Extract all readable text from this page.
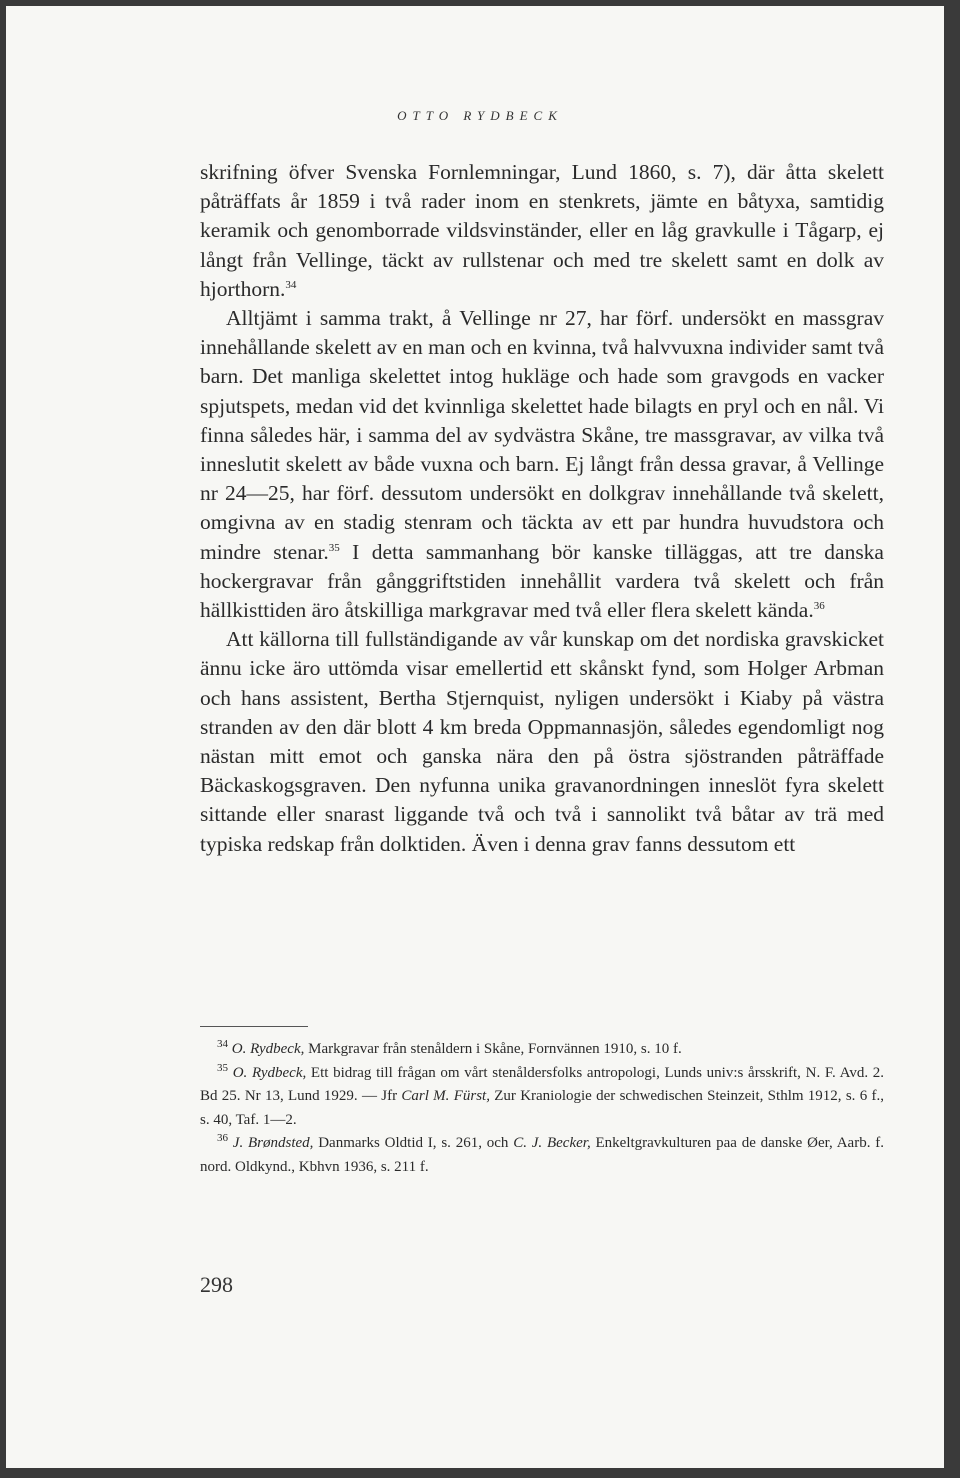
OTTO RYDBECK

skrifning öfver Svenska Fornlemningar, Lund 1860, s. 7), där åtta skelett påträffats år 1859 i två rader inom en stenkrets, jämte en båtyxa, samtidig keramik och genomborrade vildsvinständer, eller en låg gravkulle i Tågarp, ej långt från Vellinge, täckt av rullstenar och med tre skelett samt en dolk av hjorthorn.$^{34}$

Alltjämt i samma trakt, å Vellinge nr 27, har förf. undersökt en massgrav innehållande skelett av en man och en kvinna, två halvvuxna individer samt två barn. Det manliga skelettet intog hukläge och hade som gravgods en vacker spjutspets, medan vid det kvinnliga skelettet hade bilagts en pryl och en nål. Vi finna således här, i samma del av sydvästra Skåne, tre massgravar, av vilka två inneslutit skelett av både vuxna och barn. Ej långt från dessa gravar, å Vellinge nr 24—25, har förf. dessutom undersökt en dolkgrav innehållande två skelett, omgivna av en stadig stenram och täckta av ett par hundra huvudstora och mindre stenar.$^{35}$ I detta sammanhang bör kanske tilläggas, att tre danska hockergravar från gånggriftstiden innehållit vardera två skelett och från hällkisttiden äro åtskilliga markgravar med två eller flera skelett kända.$^{36}$

Att källorna till fullständigande av vår kunskap om det nordiska gravskicket ännu icke äro uttömda visar emellertid ett skånskt fynd, som Holger Arbman och hans assistent, Bertha Stjernquist, nyligen undersökt i Kiaby på västra stranden av den där blott 4 km breda Oppmannasjön, således egendomligt nog nästan mitt emot och ganska nära den på östra sjöstranden påträffade Bäckaskogsgraven. Den nyfunna unika gravanordningen inneslöt fyra skelett sittande eller snarast liggande två och två i sannolikt två båtar av trä med typiska redskap från dolktiden. Även i denna grav fanns dessutom ett

$^{34}$ O. Rydbeck, Markgravar från stenåldern i Skåne, Fornvännen 1910, s. 10 f.

$^{35}$ O. Rydbeck, Ett bidrag till frågan om vårt stenåldersfolks antropologi, Lunds univ:s årsskrift, N. F. Avd. 2. Bd 25. Nr 13, Lund 1929. — Jfr Carl M. Fürst, Zur Kraniologie der schwedischen Steinzeit, Sthlm 1912, s. 6 f., s. 40, Taf. 1—2.

$^{36}$ J. Brøndsted, Danmarks Oldtid I, s. 261, och C. J. Becker, Enkeltgravkulturen paa de danske Øer, Aarb. f. nord. Oldkynd., Kbhvn 1936, s. 211 f.

298
